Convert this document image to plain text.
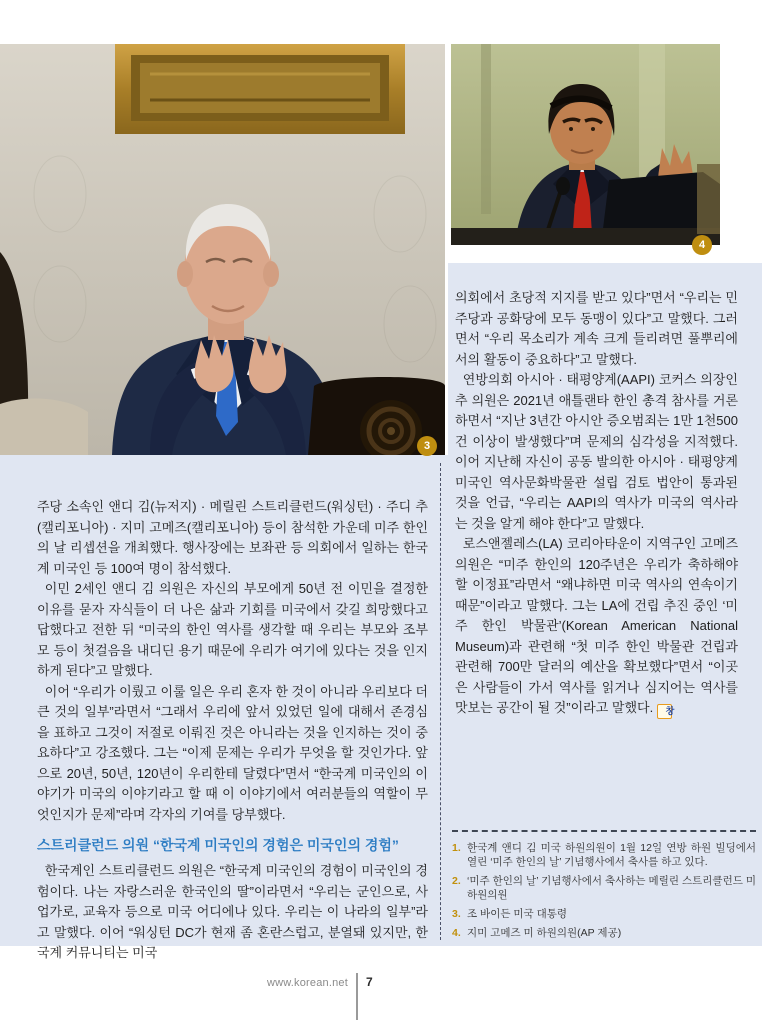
3
4

주당 소속인 앤디 김(뉴저지) · 메릴린 스트리클런드(워싱턴) · 주디 추(캘리포니아) · 지미 고메즈(캘리포니아) 등이 참석한 가운데 미주 한인의 날 리셉션을 개최했다. 행사장에는 보좌관 등 의회에서 일하는 한국계 미국인 등 100여 명이 참석했다.

이민 2세인 앤디 김 의원은 자신의 부모에게 50년 전 이민을 결정한 이유를 묻자 자식들이 더 나은 삶과 기회를 미국에서 갖길 희망했다고 답했다고 전한 뒤 “미국의 한인 역사를 생각할 때 우리는 부모와 조부모 등이 첫걸음을 내디딘 용기 때문에 우리가 여기에 있다는 것을 인지하게 된다”고 말했다.

이어 “우리가 이뤘고 이룰 일은 우리 혼자 한 것이 아니라 우리보다 더 큰 것의 일부”라면서 “그래서 우리에 앞서 있었던 일에 대해서 존경심을 표하고 그것이 저절로 이뤄진 것은 아니라는 것을 인지하는 것이 중요하다”고 강조했다. 그는 “이제 문제는 우리가 무엇을 할 것인가다. 앞으로 20년, 50년, 120년이 우리한테 달렸다”면서 “한국계 미국인의 이야기가 미국의 이야기라고 할 때 이 이야기에서 여러분들의 역할이 무엇인지가 문제”라며 각자의 기여를 당부했다.

스트리클런드 의원 “한국계 미국인의 경험은 미국인의 경험”

한국계인 스트리클런드 의원은 “한국계 미국인의 경험이 미국인의 경험이다. 나는 자랑스러운 한국인의 딸”이라면서 “우리는 군인으로, 사업가로, 교육자 등으로 미국 어디에나 있다. 우리는 이 나라의 일부”라고 말했다. 이어 “워싱턴 DC가 현재 좀 혼란스럽고, 분열돼 있지만, 한국계 커뮤니티는 미국

의회에서 초당적 지지를 받고 있다”면서 “우리는 민주당과 공화당에 모두 동맹이 있다”고 말했다. 그러면서 “우리 목소리가 계속 크게 들리려면 풀뿌리에서의 활동이 중요하다”고 말했다.

연방의회 아시아 · 태평양계(AAPI) 코커스 의장인 추 의원은 2021년 애틀랜타 한인 총격 참사를 거론하면서 “지난 3년간 아시안 증오범죄는 1만 1천500건 이상이 발생했다”며 문제의 심각성을 지적했다. 이어 지난해 자신이 공동 발의한 아시아 · 태평양계 미국인 역사문화박물관 설립 검토 법안이 통과된 것을 언급, “우리는 AAPI의 역사가 미국의 역사라는 것을 알게 해야 한다”고 말했다.

로스앤젤레스(LA) 코리아타운이 지역구인 고메즈 의원은 “미주 한인의 120주년은 우리가 축하해야 할 이정표”라면서 “왜냐하면 미국 역사의 연속이기 때문”이라고 말했다. 그는 LA에 건립 추진 중인 ‘미주 한인 박물관’(Korean American National Museum)과 관련해 “첫 미주 한인 박물관 건립과 관련해 700만 달러의 예산을 확보했다”면서 “이곳은 사람들이 가서 역사를 읽거나 심지어는 역사를 맛보는 공간이 될 것”이라고 말했다. 창

1. 한국계 앤디 김 미국 하원의원이 1월 12일 연방 하원 빌딩에서 열린 ‘미주 한인의 날’ 기념행사에서 축사를 하고 있다.
2. ‘미주 한인의 날’ 기념행사에서 축사하는 메릴린 스트리클런드 미 하원의원
3. 조 바이든 미국 대통령
4. 지미 고메즈 미 하원의원(AP 제공)
www.korean.net 7
